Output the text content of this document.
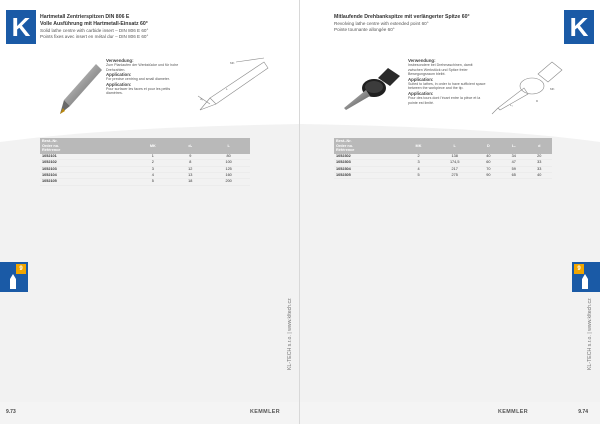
Hartmetall Zentrierspitzen DIN 806 E
Volle Ausführung mit Hartmetall-Einsatz 60°
Solid lathe centre with carbide insert – DIN 806 E 60°
Points fixes avec insert en métal dur – DIN 806 E 60°
K
MK
d₁
L
Verwendung:
Zum Planlaufen der Werkstücke und für hohe Drehzahlen.
Application:
For precise centring and small diameter.
Application:
Pour surfacer les faces et pour les petits diamètres.
Best.-Nr.
Order no.
Référence	MK	d₁	L
1052101	1	9	80
1052102	2	8	100
1052103	3	12	125
1052104	4	13	160
1052105	5	18	200
9
KL-TECH s.r.o. | www.kltech.cz
9.73	KEMMLER
Mitlaufende Drehbankspitze mit verlängerter Spitze 60°
Revolving lathe centre with extended point 60°
Pointe tournante allongée 60°	K
MK
D
L₁
Verwendung:
Insbesondere bei Drehmaschinen, damit zwischen Werkstück und Spitze freier Bewegungsraum bleibt.
Application:
Suited to lathes, in order to have sufficient space between the workpiece and the tip.
Application:
Pour des tours dont l'écart entre la pièce et la pointe est limité.
Best.-Nr.
Order no.
Référence	MK	L	D	L₁	d
1052302	2	138	40	34	20
1052303	3	174,5	60	47	33
1052304	4	217	70	59	33
1052305	5	275	90	65	40
9
KL-TECH s.r.o. | www.kltech.cz
9.74
KEMMLER
